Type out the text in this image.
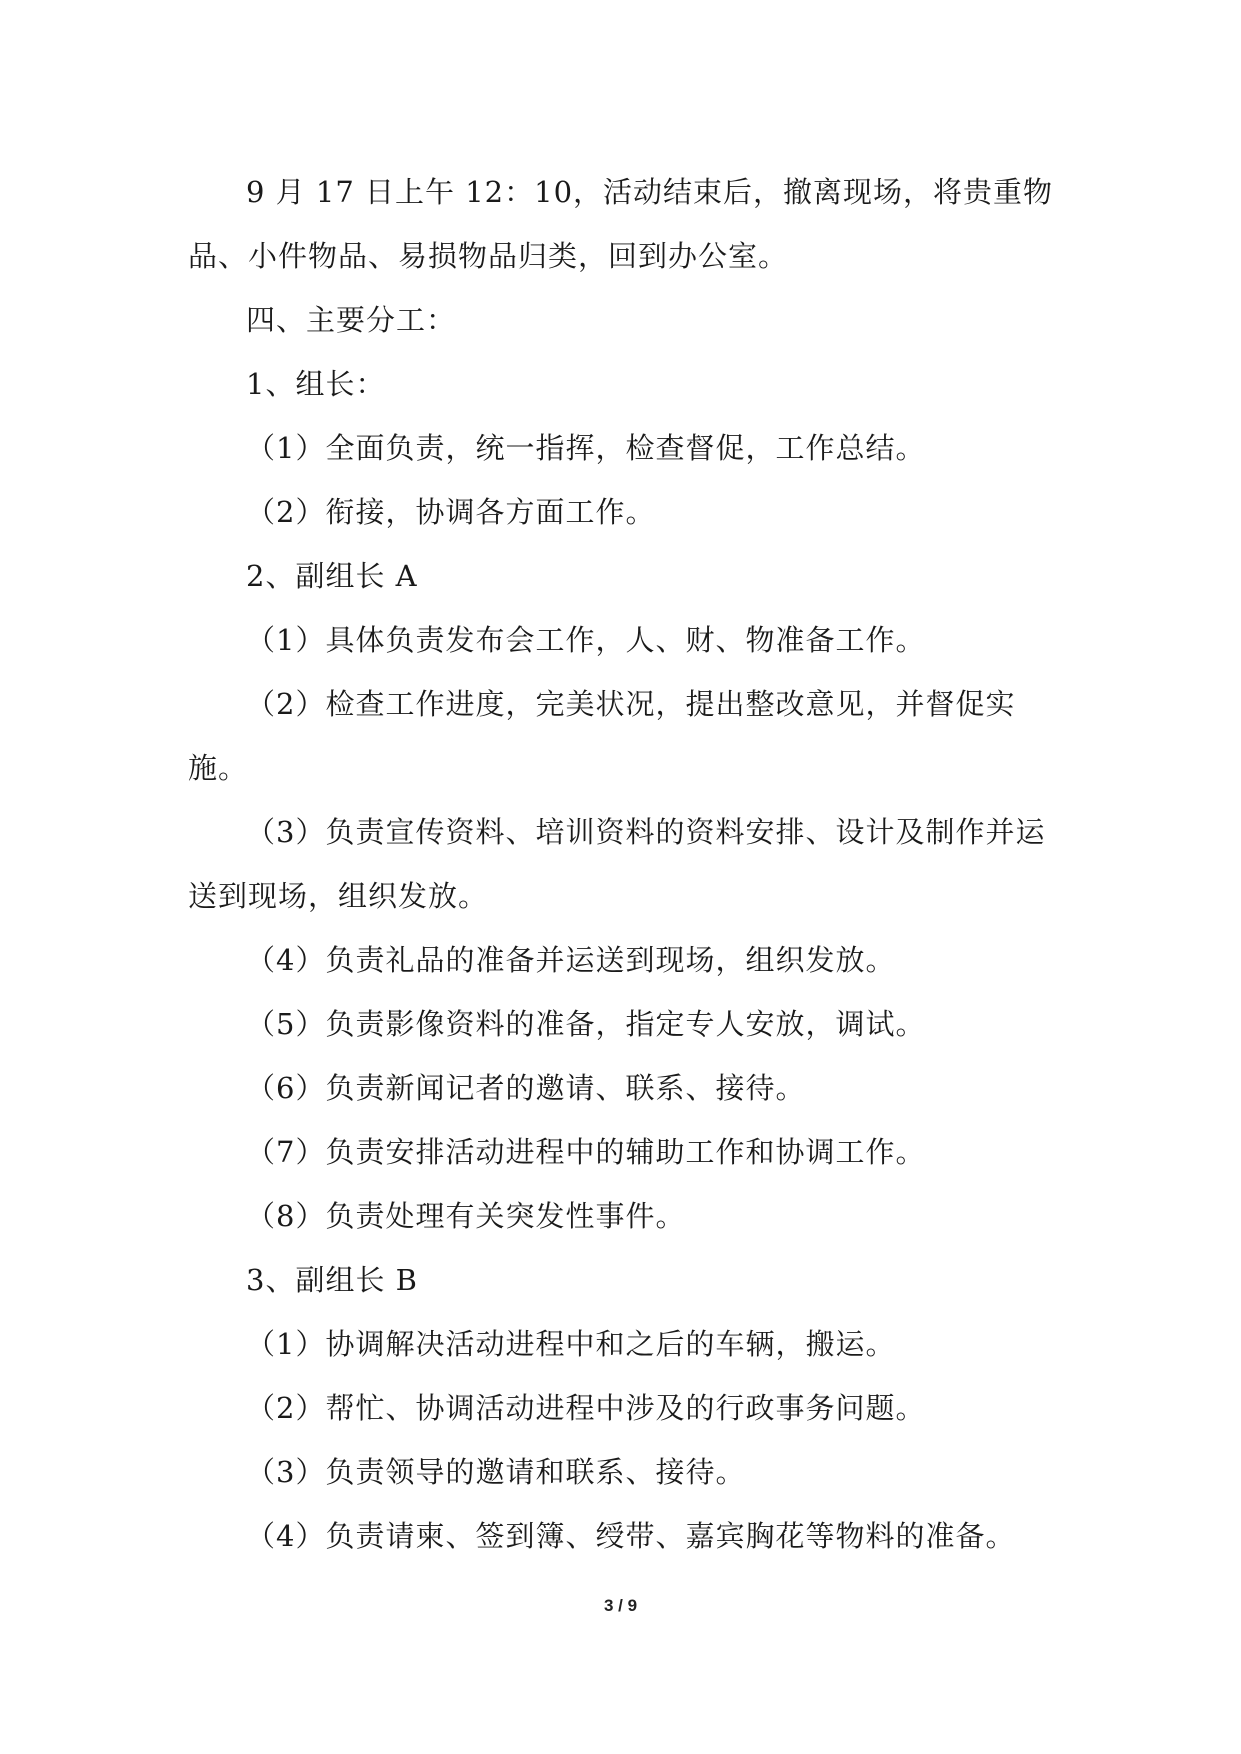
9 月 17 日上午 12：10，活动结束后，撤离现场，将贵重物品、小件物品、易损物品归类，回到办公室。

四、主要分工：

1、组长：

（1）全面负责，统一指挥，检查督促，工作总结。

（2）衔接，协调各方面工作。

2、副组长 A

（1）具体负责发布会工作，人、财、物准备工作。

（2）检查工作进度，完美状况，提出整改意见，并督促实施。

（3）负责宣传资料、培训资料的资料安排、设计及制作并运送到现场，组织发放。

（4）负责礼品的准备并运送到现场，组织发放。

（5）负责影像资料的准备，指定专人安放，调试。

（6）负责新闻记者的邀请、联系、接待。

（7）负责安排活动进程中的辅助工作和协调工作。

（8）负责处理有关突发性事件。

3、副组长 B

（1）协调解决活动进程中和之后的车辆，搬运。

（2）帮忙、协调活动进程中涉及的行政事务问题。

（3）负责领导的邀请和联系、接待。

（4）负责请柬、签到簿、绶带、嘉宾胸花等物料的准备。

3 / 9
